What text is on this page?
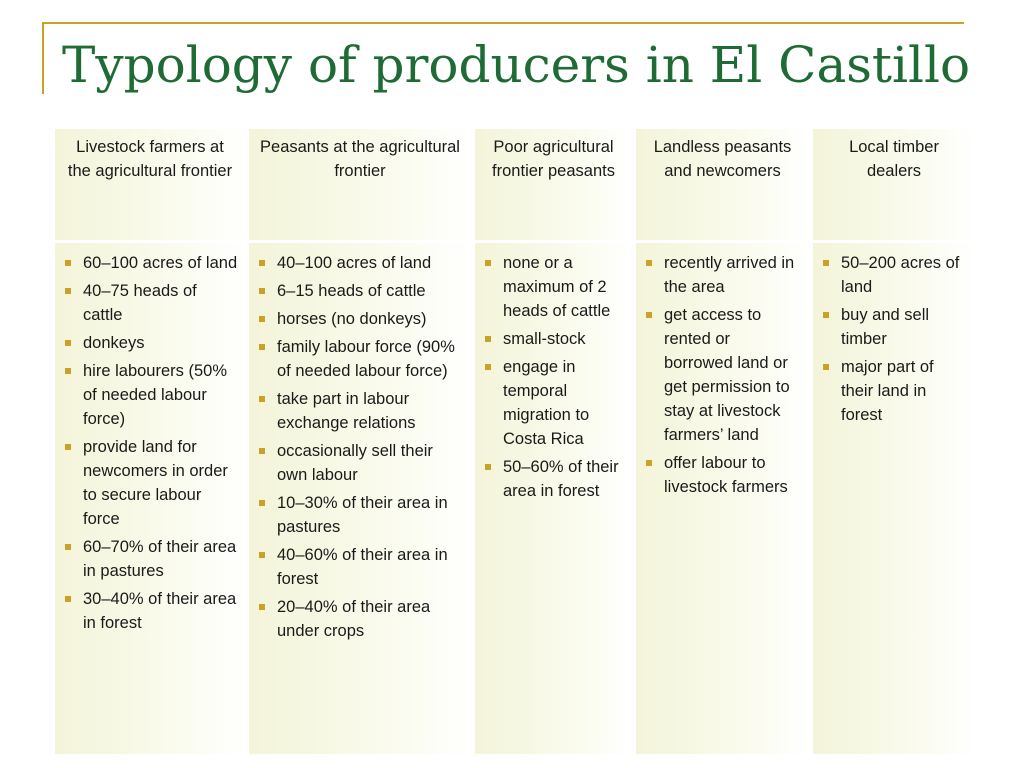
Typology of producers in El Castillo
Livestock farmers at the agricultural frontier
60–100 acres of land
40–75 heads of cattle
donkeys
hire labourers (50% of needed labour force)
provide land for newcomers in order to secure labour force
60–70% of their area in pastures
30–40% of their area in forest
Peasants at the agricultural frontier
40–100 acres of land
6–15 heads of cattle
horses (no donkeys)
family labour force (90% of needed labour force)
take part in labour exchange relations
occasionally sell their own labour
10–30% of their area in pastures
40–60% of their area in forest
20–40% of their area under crops
Poor agricultural frontier peasants
none or a maximum of 2 heads of cattle
small-stock
engage in temporal migration to Costa Rica
50–60% of their area in forest
Landless peasants and newcomers
recently arrived in the area
get access to rented or borrowed land or get permission to stay at livestock farmers’ land
offer labour to livestock farmers
Local timber dealers
50–200 acres of land
buy and sell timber
major part of their land in forest
